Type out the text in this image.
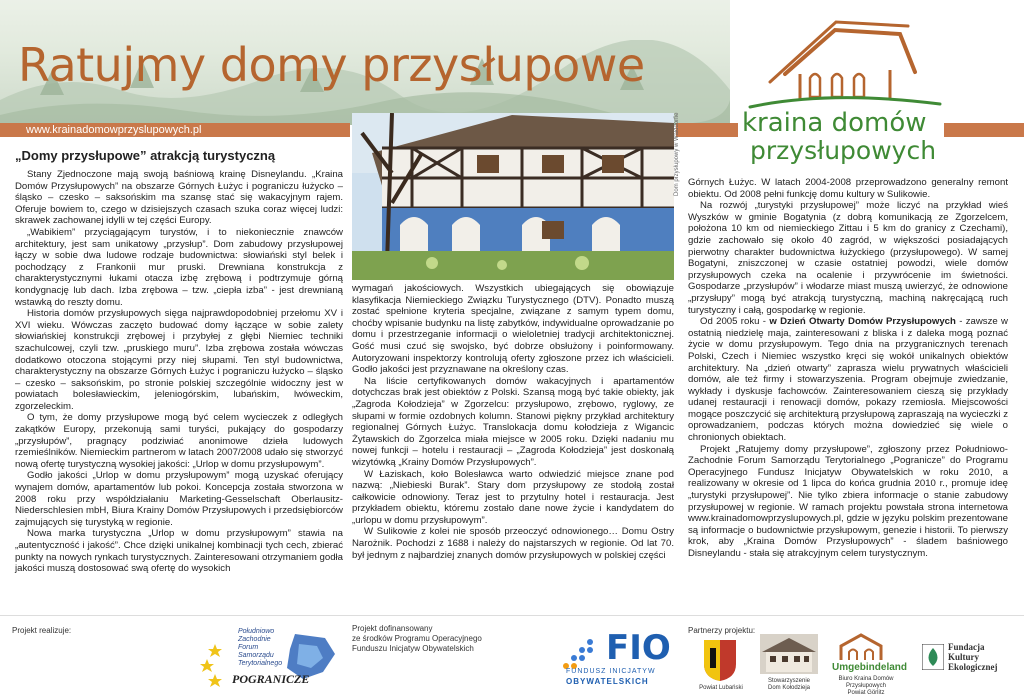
Ratujmy domy przysłupowe
www.krainadomowprzyslupowych.pl	kraina domów
przysłupowych
Dom przysłupowy w Walddorfie

„Domy przysłupowe” atrakcją turystyczną

Stany Zjednoczone mają swoją baśniową krainę Disneylandu. „Kraina Domów Przysłupowych” na obszarze Górnych Łużyc i pograniczu łużycko – śląsko – czesko – saksońskim ma szansę stać się wakacyjnym rajem. Oferuje bowiem to, czego w dzisiejszych czasach szuka coraz więcej ludzi: skrawek zachowanej idylli w tej części Europy.

„Wabikiem” przyciągającym turystów, i to niekoniecznie znawców architektury, jest sam unikatowy „przysłup”. Dom zabudowy przysłupowej łączy w sobie dwa ludowe rodzaje budownictwa: słowiański styl belek i pochodzący z Frankonii mur pruski. Drewniana konstrukcja z charakterystycznymi łukami otacza izbę zrębową i podtrzymuje górną kondygnację lub dach. Izba zrębowa – tzw. „ciepła izba” - jest drewnianą wstawką do reszty domu.

Historia domów przysłupowych sięga najprawdopodobniej przełomu XV i XVI wieku. Wówczas zaczęto budować domy łączące w sobie zalety słowiańskiej konstrukcji zrębowej i przybyłej z głębi Niemiec techniki szachulcowej, czyli tzw. „pruskiego muru”. Izba zrębowa została wówczas dodatkowo otoczona stojącymi przy niej słupami. Ten styl budownictwa, charakterystyczny na obszarze Górnych Łużyc i pograniczu łużycko – śląsko – czesko – saksońskim, po stronie polskiej szczególnie widoczny jest w powiatach bolesławieckim, jeleniogórskim, lubańskim, lwóweckim, zgorzeleckim.

O tym, że domy przysłupowe mogą być celem wycieczek z odległych zakątków Europy, przekonują sami turyści, pukający do gospodarzy „przysłupów”, pragnący podziwiać anonimowe dzieła ludowych rzemieślników. Niemieckim partnerom w latach 2007/2008 udało się stworzyć nową ofertę turystyczną wysokiej jakości: „Urlop w domu przysłupowym”.

Godło jakości „Urlop w domu przysłupowym” mogą uzyskać oferujący wynajem domów, apartamentów lub pokoi. Koncepcja została stworzona w 2008 roku przy współdziałaniu Marketing-Gesselschaft Oberlausitz-Niederschlesien mbH, Biura Krainy Domów Przysłupowych i przedsiębiorców zajmujących się turystyką w regionie.

Nowa marka turystyczna „Urlop w domu przysłupowym” stawia na „autentyczność i jakość”. Chce dzięki unikalnej kombinacji tych cech, zbierać punkty na nowych rynkach turystycznych. Zainteresowani otrzymaniem godła jakości muszą dostosować swą ofertę do wysokich

wymagań jakościowych. Wszystkich ubiegających się obowiązuje klasyfikacja Niemieckiego Związku Turystycznego (DTV). Ponadto muszą zostać spełnione kryteria specjalne, związane z samym typem domu, choćby wpisanie budynku na listę zabytków, indywidualne oprowadzanie po domu i przestrzeganie informacji o wieloletniej tradycji architektonicznej. Gość musi czuć się swojsko, być dobrze obsłużony i poinformowany. Autoryzowani inspektorzy kontrolują oferty zgłoszone przez ich właścicieli. Godło jakości jest przyznawane na określony czas.

Na liście certyfikowanych domów wakacyjnych i apartamentów dotychczas brak jest obiektów z Polski. Szansą mogą być takie obiekty, jak „Zagroda Kołodzieja” w Zgorzelcu: przysłupowo, zrębowo, ryglowy, ze słupami w formie ozdobnych kolumn. Stanowi piękny przykład architektury regionalnej Górnych Łużyc. Translokacja domu kołodzieja z Wigancic Żytawskich do Zgorzelca miała miejsce w 2005 roku. Dzięki nadaniu mu nowej funkcji – hotelu i restauracji – „Zagroda Kołodzieja” jest doskonałą wizytówką „Krainy Domów Przysłupowych”.

W Łaziskach, koło Bolesławca warto odwiedzić miejsce znane pod nazwą: „Niebieski Burak”. Stary dom przysłupowy ze stodołą został całkowicie odnowiony. Teraz jest to przytulny hotel i restauracja. Jest przykładem obiektu, któremu zostało dane nowe życie i kandydatem do „urlopu w domu przysłupowym”.

W Sulikowie z kolei nie sposób przeoczyć odnowionego… Domu Ostry Narożnik. Pochodzi z 1688 i należy do najstarszych w regionie. Od lat 70. był jednym z najbardziej znanych domów przysłupowych w polskiej części

Górnych Łużyc. W latach 2004-2008 przeprowadzono generalny remont obiektu. Od 2008 pełni funkcję domu kultury w Sulikowie.

Na rozwój „turystyki przysłupowej” może liczyć na przykład wieś Wyszków w gminie Bogatynia (z dobrą komunikacją ze Zgorzelcem, położona 10 km od niemieckiego Zittau i 5 km do granicy z Czechami), gdzie zachowało się około 40 zagród, w większości posiadających pierwotny charakter budownictwa łużyckiego (przysłupowego). W samej Bogatyni, zniszczonej w czasie ostatniej powodzi, wiele domów przysłupowych czeka na ocalenie i przywrócenie im świetności. Gospodarze „przysłupów” i włodarze miast muszą uwierzyć, że odnowione „przysłupy” mogą być atrakcją turystyczną, machiną nakręcającą ruch turystyczny i całą, gospodarkę w regionie.

Od 2005 roku - w Dzień Otwarty Domów Przysłupowych - zawsze w ostatnią niedzielę maja, zainteresowani z bliska i z daleka mogą poznać życie w domu przysłupowym. Tego dnia na przygranicznych terenach Polski, Czech i Niemiec wszystko kręci się wokół unikalnych obiektów architektury. Na „dzień otwarty” zaprasza wielu prywatnych właścicieli domów, ale też firmy i stowarzyszenia. Program obejmuje zwiedzanie, wykłady i dyskusje fachowców. Zainteresowaniem cieszą się przykłady udanej restauracji i renowacji domów, pokazy rzemiosła. Miejscowości mogące poszczycić się architekturą przysłupową zapraszają na wycieczki z oprowadzaniem, podczas których można dowiedzieć się wiele o chronionych obiektach.

Projekt „Ratujemy domy przysłupowe”, zgłoszony przez Południowo-Zachodnie Forum Samorządu Terytorialnego „Pogranicze” do Programu Operacyjnego Fundusz Inicjatyw Obywatelskich w roku 2010, a realizowany w okresie od 1 lipca do końca grudnia 2010 r., promuje ideę „turystyki przysłupowej”. Nie tylko zbiera informacje o stanie zabudowy przysłupowej w regionie. W ramach projektu powstała strona internetowa www.krainadomowprzyslupowych.pl, gdzie w języku polskim prezentowane są informacje o budownictwie przysłupowym, genezie i historii. To pierwszy krok, aby „Kraina Domów Przysłupowych” - śladem baśniowego Disneylandu - stała się atrakcyjnym celem turystycznym.

Projekt realizuje:	Południowo
Zachodnie
Forum
Samorządu
Terytorialnego
POGRANICZE
Projekt dofinansowany
ze środków Programu Operacyjnego
Funduszu Inicjatyw Obywatelskich	FIO
FUNDUSZ INICJATYW
OBYWATELSKICH
Partnerzy projektu:
Powiat Lubański
Stowarzyszenie
Dom Kołodzieja
Umgebindeland
Biuro Kraina Domów Przysłupowych
Powiat Görlitz
Fundacja
Kultury
Ekologicznej
